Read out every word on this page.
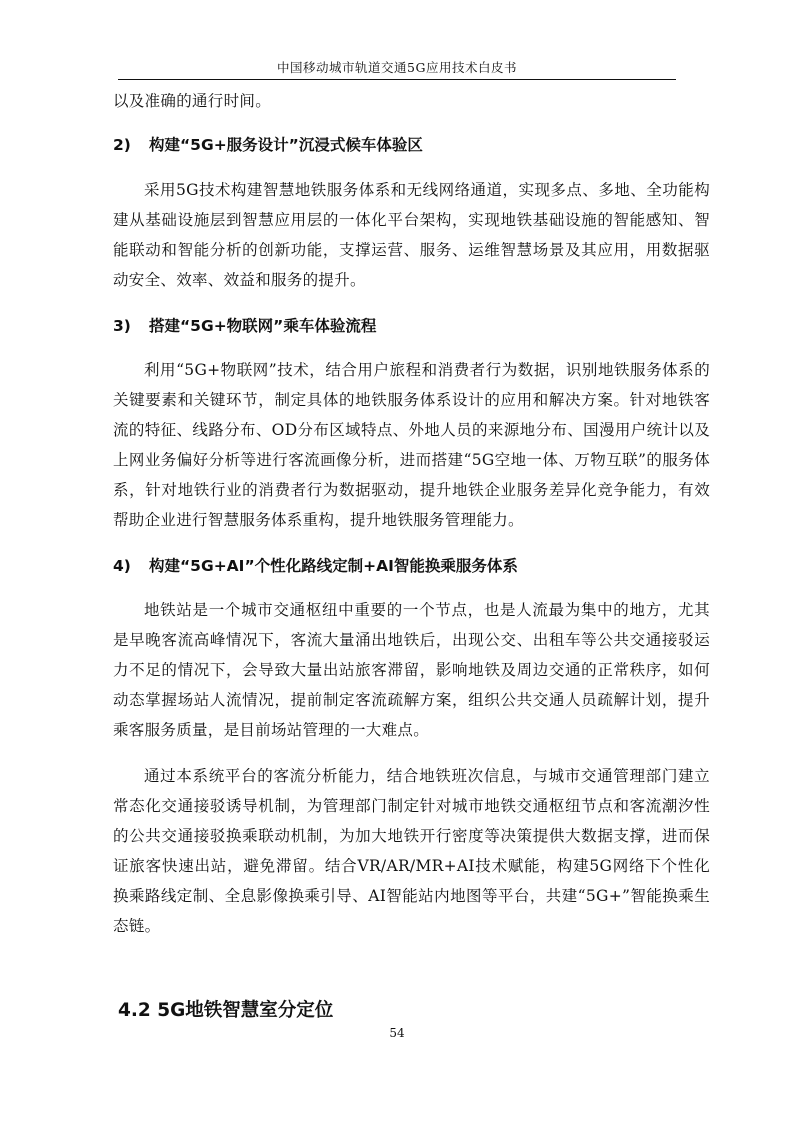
中国移动城市轨道交通5G应用技术白皮书

以及准确的通行时间。

2) 构建“5G+服务设计”沉浸式候车体验区

采用5G技术构建智慧地铁服务体系和无线网络通道，实现多点、多地、全功能构建从基础设施层到智慧应用层的一体化平台架构，实现地铁基础设施的智能感知、智能联动和智能分析的创新功能，支撑运营、服务、运维智慧场景及其应用，用数据驱动安全、效率、效益和服务的提升。

3) 搭建“5G+物联网”乘车体验流程

利用“5G+物联网”技术，结合用户旅程和消费者行为数据，识别地铁服务体系的关键要素和关键环节，制定具体的地铁服务体系设计的应用和解决方案。针对地铁客流的特征、线路分布、OD分布区域特点、外地人员的来源地分布、国漫用户统计以及上网业务偏好分析等进行客流画像分析，进而搭建“5G空地一体、万物互联”的服务体系，针对地铁行业的消费者行为数据驱动，提升地铁企业服务差异化竞争能力，有效帮助企业进行智慧服务体系重构，提升地铁服务管理能力。

4) 构建“5G+AI”个性化路线定制+AI智能换乘服务体系

地铁站是一个城市交通枢纽中重要的一个节点，也是人流最为集中的地方，尤其是早晚客流高峰情况下，客流大量涌出地铁后，出现公交、出租车等公共交通接驳运力不足的情况下，会导致大量出站旅客滞留，影响地铁及周边交通的正常秩序，如何动态掌握场站人流情况，提前制定客流疏解方案，组织公共交通人员疏解计划，提升乘客服务质量，是目前场站管理的一大难点。

通过本系统平台的客流分析能力，结合地铁班次信息，与城市交通管理部门建立常态化交通接驳诱导机制，为管理部门制定针对城市地铁交通枢纽节点和客流潮汐性的公共交通接驳换乘联动机制，为加大地铁开行密度等决策提供大数据支撑，进而保证旅客快速出站，避免滞留。结合VR/AR/MR+AI技术赋能，构建5G网络下个性化换乘路线定制、全息影像换乘引导、AI智能站内地图等平台，共建“5G+”智能换乘生态链。

4.2 5G地铁智慧室分定位
54
